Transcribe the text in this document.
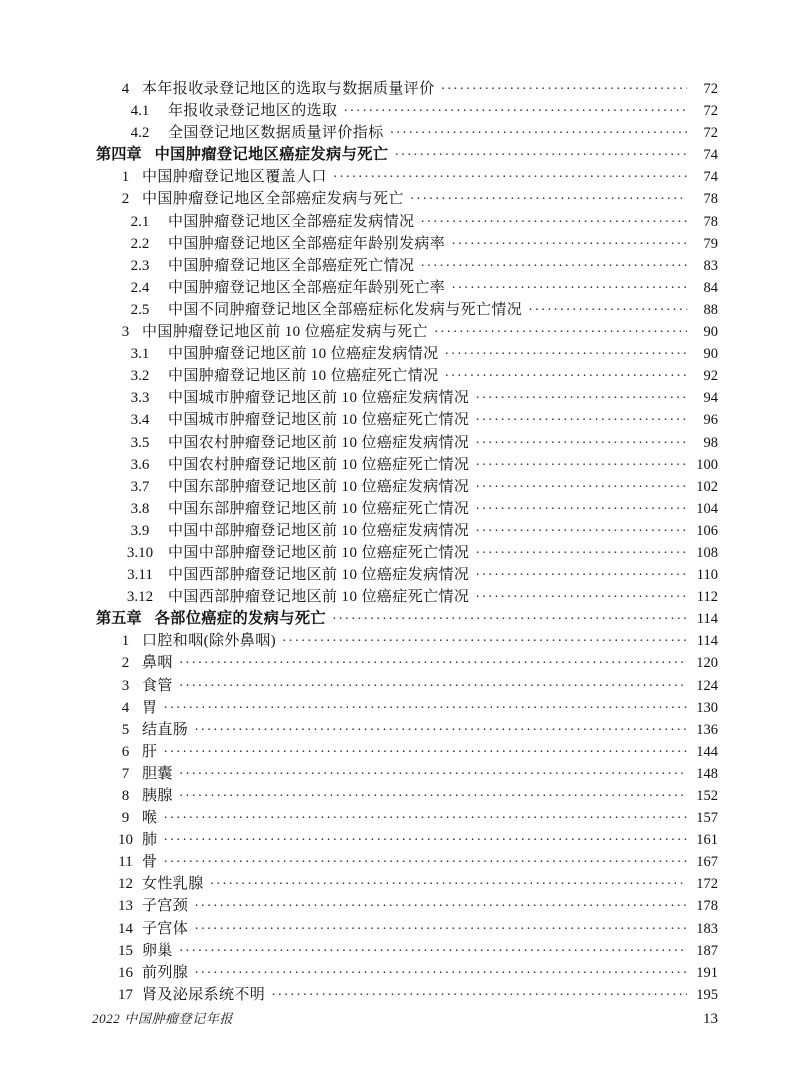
4 本年报收录登记地区的选取与数据质量评价 ·····	72
4.1	年报收录登记地区的选取 ·····	72
4.2	全国登记地区数据质量评价指标 ·····	72
第四章 中国肿瘤登记地区癌症发病与死亡 ·····	74
1 中国肿瘤登记地区覆盖人口 ·····	74
2 中国肿瘤登记地区全部癌症发病与死亡 ·····	78
2.1	中国肿瘤登记地区全部癌症发病情况 ·····	78
2.2	中国肿瘤登记地区全部癌症年龄别发病率 ·····	79
2.3	中国肿瘤登记地区全部癌症死亡情况 ·····	83
2.4	中国肿瘤登记地区全部癌症年龄别死亡率 ·····	84
2.5	中国不同肿瘤登记地区全部癌症标化发病与死亡情况 ·····	88
3 中国肿瘤登记地区前 10 位癌症发病与死亡 ·····	90
3.1	中国肿瘤登记地区前 10 位癌症发病情况 ·····	90
3.2	中国肿瘤登记地区前 10 位癌症死亡情况 ·····	92
3.3	中国城市肿瘤登记地区前 10 位癌症发病情况 ·····	94
3.4	中国城市肿瘤登记地区前 10 位癌症死亡情况 ·····	96
3.5	中国农村肿瘤登记地区前 10 位癌症发病情况 ·····	98
3.6	中国农村肿瘤登记地区前 10 位癌症死亡情况 ·····	100
3.7	中国东部肿瘤登记地区前 10 位癌症发病情况 ·····	102
3.8	中国东部肿瘤登记地区前 10 位癌症死亡情况 ·····	104
3.9	中国中部肿瘤登记地区前 10 位癌症发病情况 ·····	106
3.10 中国中部肿瘤登记地区前 10 位癌症死亡情况 ·····	108
3.11	中国西部肿瘤登记地区前 10 位癌症发病情况 ·····	110
3.12 中国西部肿瘤登记地区前 10 位癌症死亡情况 ·····	112
第五章 各部位癌症的发病与死亡 ·····	114
1 口腔和咽(除外鼻咽) ·····	114
2 鼻咽 ·····	120
3 食管 ·····	124
4 胃 ·····	130
5 结直肠 ·····	136
6 肝 ·····	144
7 胆囊 ·····	148
8 胰腺 ·····	152
9 喉 ·····	157
10 肺 ·····	161
11 骨 ·····	167
12 女性乳腺 ·····	172
13 子宫颈 ·····	178
14 子宫体 ·····	183
15 卵巢 ·····	187
16 前列腺 ·····	191
17 肾及泌尿系统不明 ·····	195
2022 中国肿瘤登记年报	13
